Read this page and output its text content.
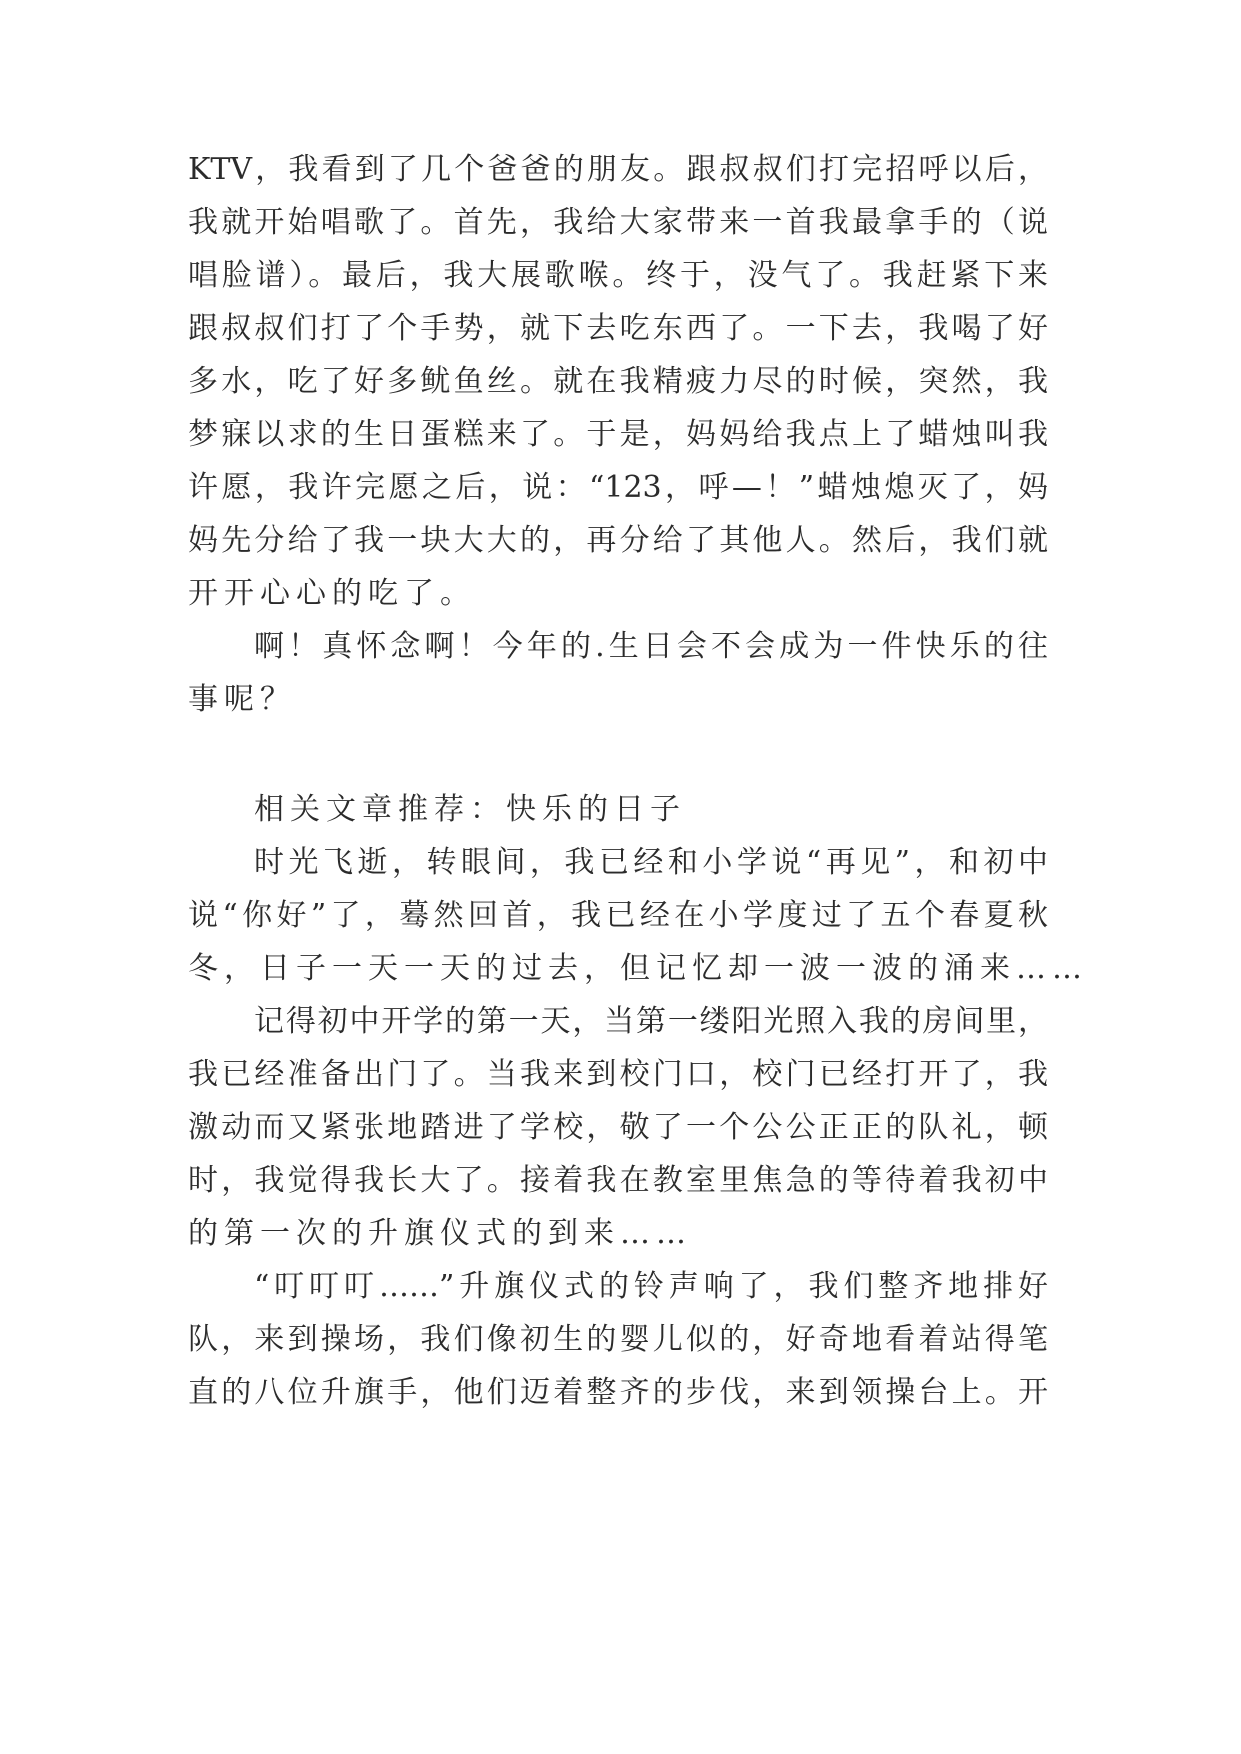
KTV，我看到了几个爸爸的朋友。跟叔叔们打完招呼以后，
我就开始唱歌了。首先，我给大家带来一首我最拿手的（说
唱脸谱）。最后，我大展歌喉。终于，没气了。我赶紧下来
跟叔叔们打了个手势，就下去吃东西了。一下去，我喝了好
多水，吃了好多鱿鱼丝。就在我精疲力尽的时候，突然，我
梦寐以求的生日蛋糕来了。于是，妈妈给我点上了蜡烛叫我
许愿，我许完愿之后，说：“123，呼—！”蜡烛熄灭了，妈
妈先分给了我一块大大的，再分给了其他人。然后，我们就
开开心心的吃了。
啊！真怀念啊！今年的.生日会不会成为一件快乐的往
事呢？
相关文章推荐：快乐的日子
时光飞逝，转眼间，我已经和小学说“再见”，和初中
说“你好”了，蓦然回首，我已经在小学度过了五个春夏秋
冬，日子一天一天的过去，但记忆却一波一波的涌来……
记得初中开学的第一天，当第一缕阳光照入我的房间里，
我已经准备出门了。当我来到校门口，校门已经打开了，我
激动而又紧张地踏进了学校，敬了一个公公正正的队礼，顿
时，我觉得我长大了。接着我在教室里焦急的等待着我初中
的第一次的升旗仪式的到来……
“叮叮叮……”升旗仪式的铃声响了，我们整齐地排好
队，来到操场，我们像初生的婴儿似的，好奇地看着站得笔
直的八位升旗手，他们迈着整齐的步伐，来到领操台上。开
